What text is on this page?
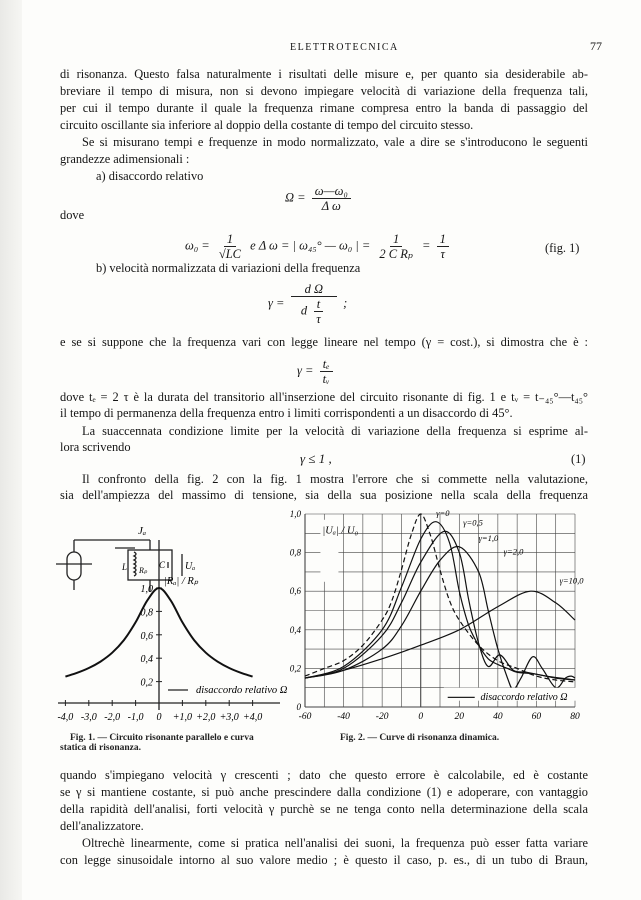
ELETTROTECNICA	77
di risonanza. Questo falsa naturalmente i risultati delle misure e, per quanto sia desiderabile ab-
breviare il tempo di misura, non si devono impiegare velocità di variazione della frequenza tali,
per cui il tempo durante il quale la frequenza rimane compresa entro la banda di passaggio del
circuito oscillante sia inferiore al doppio della costante di tempo del circuito stesso.
Se si misurano tempi e frequenze in modo normalizzato, vale a dire se s'introducono le seguenti
grandezze adimensionali :
a) disaccordo relativo
$\Omega = \frac{\text{ω—ω₀}}{\text{Δ ω}}$
dove
$\omega_0 = \frac{1}{√LC}$ e Δ ω = | ω₄₅° — ω₀ | = $\frac{1}{\text{2 C Rₚ}} = \frac{1}{\tau}$	(fig. 1)
b) velocità normalizzata di variazioni della frequenza
$\gamma = \frac{\text{d Ω}}{d \frac{t}{\tau}}$ ;
e se si suppone che la frequenza vari con legge lineare nel tempo (γ = cost.), si dimostra che è :
$\gamma = \frac{\text{tₑ}}{\text{tᵥ}}$
dove tₑ = 2 τ è la durata del transitorio all'inserzione del circuito risonante di fig. 1 e tᵥ = t₋₄₅°—t₄₅°
il tempo di permanenza della frequenza entro i limiti corrispondenti a un disaccordo di 45°.
La suaccennata condizione limite per la velocità di variazione della frequenza si esprime al-
lora scrivendo
γ ≤ 1 ,	(1)
Il confronto della fig. 2 con la fig. 1 mostra l'errore che si commette nella valutazione,
sia dell'ampiezza del massimo di tensione, sia della sua posizione nella scala della frequenza
Jₐ
L Rₚ
C Uₐ
-4,0 -3,0 -2,0 -1,0 0 +1,0 +2,0 +3,0 +4,0
0,2
0,4
0,6
0,8
1,0
disaccordo relativo Ω
|Rₐ| / Rₚ
Fig. 1. — Circuito risonante parallelo e curva
statica di risonanza.
-60	-40	-20	0	20	40	60	80
0
0,2
0,4
0,6
0,8
1,0	γ=0
γ=0,5
γ=1,0
γ=2,0
γ=10,0
|Uₐ| / U₀
disaccordo relativo Ω
Fig. 2. — Curve di risonanza dinamica.
quando s'impiegano velocità γ crescenti ; dato che questo errore è calcolabile, ed è costante
se γ si mantiene costante, si può anche prescindere dalla condizione (1) e adoperare, con vantaggio
della rapidità dell'analisi, forti velocità γ purchè se ne tenga conto nella determinazione della scala
dell'analizzatore.
Oltrechè linearmente, come si pratica nell'analisi dei suoni, la frequenza può esser fatta variare
con legge sinusoidale intorno al suo valore medio ; è questo il caso, p. es., di un tubo di Braun,
